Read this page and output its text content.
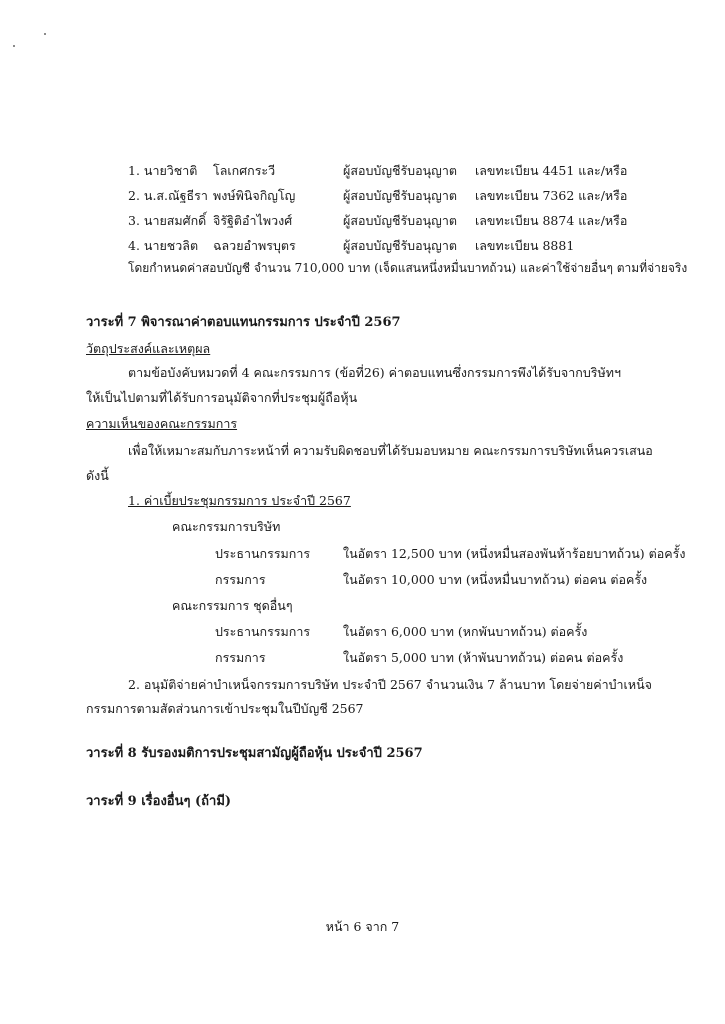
1. นายวิชาติ โลเกศกระวี	ผู้สอบบัญชีรับอนุญาต เลขทะเบียน 4451 และ/หรือ
2. น.ส.ณัฐธีรา พงษ์พินิจกิญโญ	ผู้สอบบัญชีรับอนุญาต เลขทะเบียน 7362 และ/หรือ
3. นายสมศักดิ์ จิรัฐิติอำไพวงศ์	ผู้สอบบัญชีรับอนุญาต เลขทะเบียน 8874 และ/หรือ
4. นายชวลิต ฉลวยอำพรบุตร	ผู้สอบบัญชีรับอนุญาต เลขทะเบียน 8881
โดยกำหนดค่าสอบบัญชี จำนวน 710,000 บาท (เจ็ดแสนหนึ่งหมื่นบาทถ้วน) และค่าใช้จ่ายอื่นๆ ตามที่จ่ายจริง
วาระที่ 7 พิจารณาค่าตอบแทนกรรมการ ประจำปี 2567
วัตถุประสงค์และเหตุผล
ตามข้อบังคับหมวดที่ 4 คณะกรรมการ (ข้อที่26) ค่าตอบแทนซึ่งกรรมการพึงได้รับจากบริษัทฯ
ให้เป็นไปตามที่ได้รับการอนุมัติจากที่ประชุมผู้ถือหุ้น
ความเห็นของคณะกรรมการ
เพื่อให้เหมาะสมกับภาระหน้าที่ ความรับผิดชอบที่ได้รับมอบหมาย คณะกรรมการบริษัทเห็นควรเสนอ
ดังนี้
1. ค่าเบี้ยประชุมกรรมการ ประจำปี 2567
คณะกรรมการบริษัท
ประธานกรรมการ	ในอัตรา 12,500 บาท (หนึ่งหมื่นสองพันห้าร้อยบาทถ้วน) ต่อครั้ง
กรรมการ	ในอัตรา 10,000 บาท (หนึ่งหมื่นบาทถ้วน) ต่อคน ต่อครั้ง
คณะกรรมการ ชุดอื่นๆ
ประธานกรรมการ	ในอัตรา 6,000 บาท (หกพันบาทถ้วน) ต่อครั้ง
กรรมการ	ในอัตรา 5,000 บาท (ห้าพันบาทถ้วน) ต่อคน ต่อครั้ง
2. อนุมัติจ่ายค่าบำเหน็จกรรมการบริษัท ประจำปี 2567 จำนวนเงิน 7 ล้านบาท โดยจ่ายค่าบำเหน็จ
กรรมการตามสัดส่วนการเข้าประชุมในปีบัญชี 2567
วาระที่ 8 รับรองมติการประชุมสามัญผู้ถือหุ้น ประจำปี 2567
วาระที่ 9 เรื่องอื่นๆ (ถ้ามี)
หน้า 6 จาก 7
